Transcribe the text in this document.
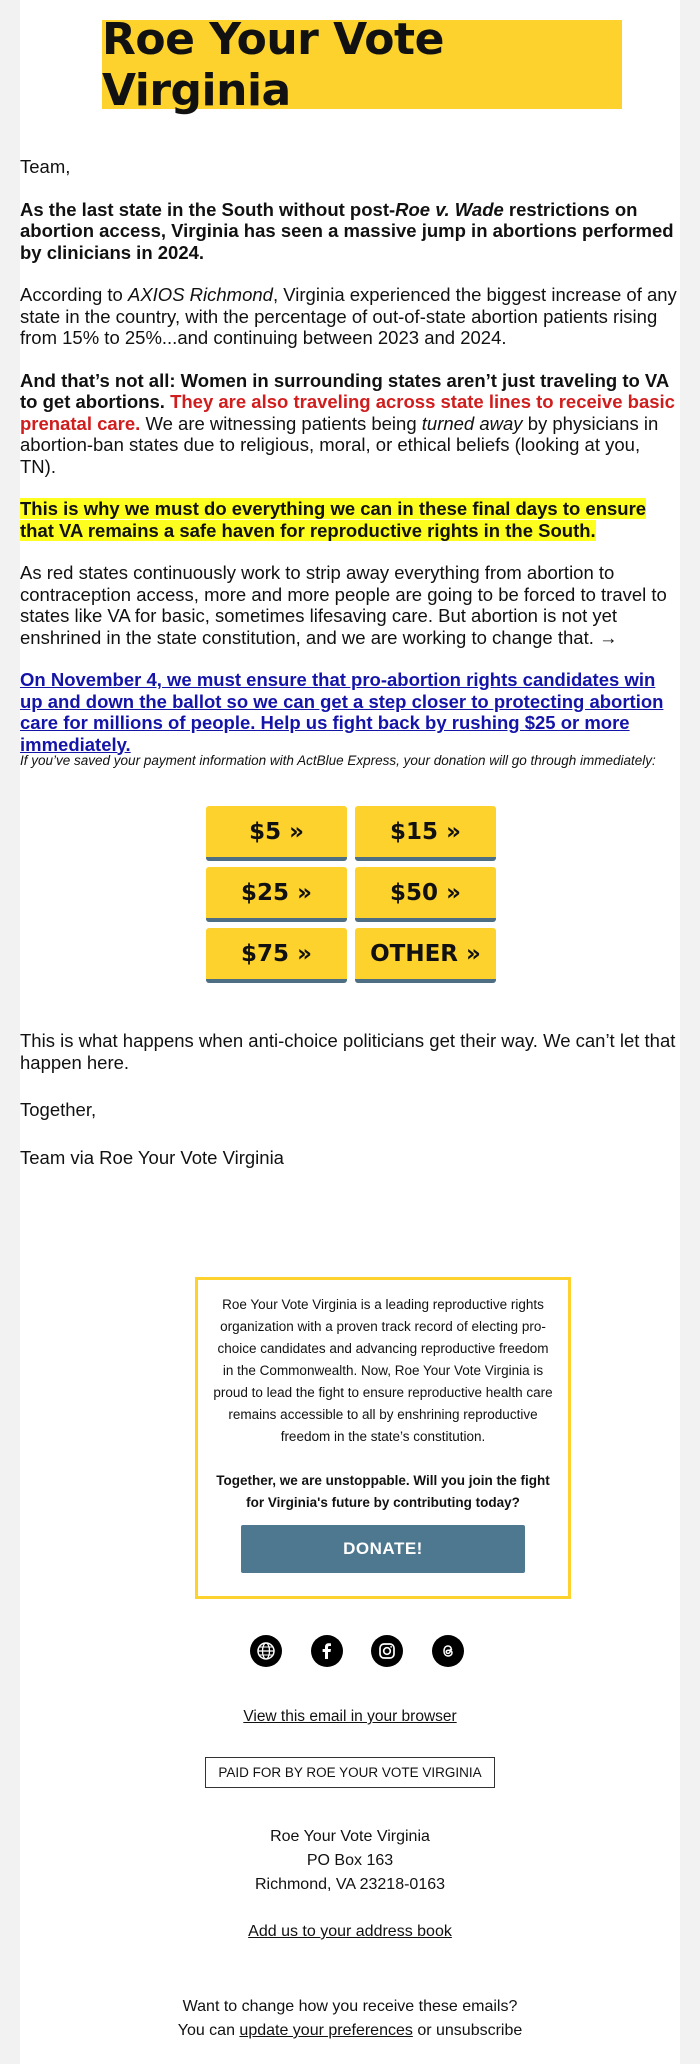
Roe Your Vote Virginia

Team,

As the last state in the South without post-Roe v. Wade restrictions on abortion access, Virginia has seen a massive jump in abortions performed by clinicians in 2024.

According to AXIOS Richmond, Virginia experienced the biggest increase of any state in the country, with the percentage of out-of-state abortion patients rising from 15% to 25%...and continuing between 2023 and 2024.

And that’s not all: Women in surrounding states aren’t just traveling to VA to get abortions. They are also traveling across state lines to receive basic prenatal care. We are witnessing patients being turned away by physicians in abortion-ban states due to religious, moral, or ethical beliefs (looking at you, TN).

This is why we must do everything we can in these final days to ensure that VA remains a safe haven for reproductive rights in the South.

As red states continuously work to strip away everything from abortion to contraception access, more and more people are going to be forced to travel to states like VA for basic, sometimes lifesaving care. But abortion is not yet enshrined in the state constitution, and we are working to change that. →

On November 4, we must ensure that pro-abortion rights candidates win up and down the ballot so we can get a step closer to protecting abortion care for millions of people. Help us fight back by rushing $25 or more immediately.

If you’ve saved your payment information with ActBlue Express, your donation will go through immediately:
$5 »	$15 »
$25 »	$50 »
$75 »	OTHER »

This is what happens when anti-choice politicians get their way. We can’t let that happen here.

Together,

Team via Roe Your Vote Virginia

Roe Your Vote Virginia is a leading reproductive rights organization with a proven track record of electing pro-choice candidates and advancing reproductive freedom in the Commonwealth. Now, Roe Your Vote Virginia is proud to lead the fight to ensure reproductive health care remains accessible to all by enshrining reproductive freedom in the state’s constitution.

Together, we are unstoppable. Will you join the fight for Virginia's future by contributing today?

DONATE!
View this email in your browser
PAID FOR BY ROE YOUR VOTE VIRGINIA
Roe Your Vote Virginia
PO Box 163
Richmond, VA 23218-0163
Add us to your address book
Want to change how you receive these emails?
You can update your preferences or unsubscribe
